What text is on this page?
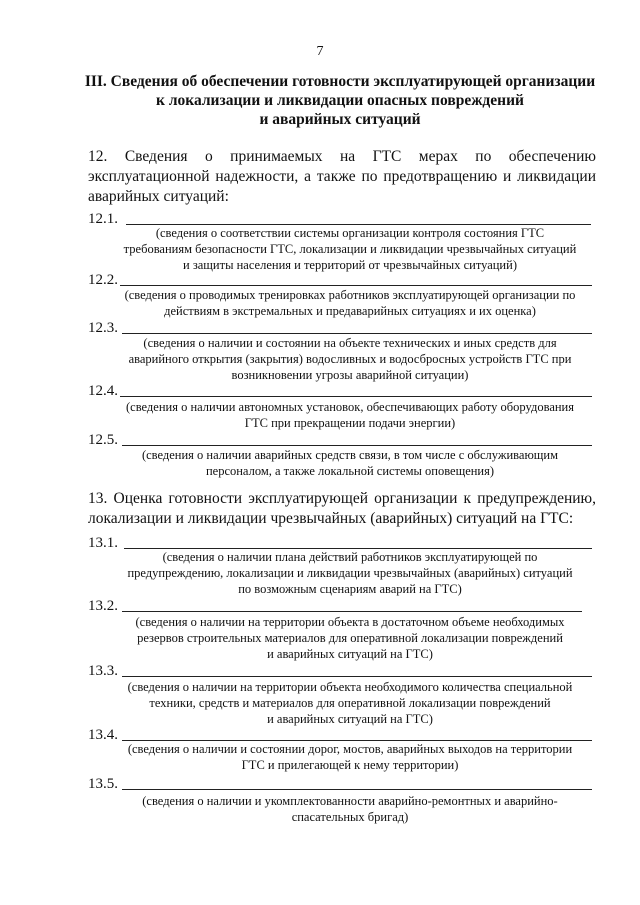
7
III. Сведения об обеспечении готовности эксплуатирующей организации
к локализации и ликвидации опасных повреждений
и аварийных ситуаций
12. Сведения о принимаемых на ГТС мерах по обеспечению
эксплуатационной надежности, а также по предотвращению и ликвидации
аварийных ситуаций:
12.1.
(сведения о соответствии системы организации контроля состояния ГТС
требованиям безопасности ГТС, локализации и ликвидации чрезвычайных ситуаций
и защиты населения и территорий от чрезвычайных ситуаций)
12.2.
(сведения о проводимых тренировках работников эксплуатирующей организации по
действиям в экстремальных и предаварийных ситуациях и их оценка)
12.3.
(сведения о наличии и состоянии на объекте технических и иных средств для
аварийного открытия (закрытия) водосливных и водосбросных устройств ГТС при
возникновении угрозы аварийной ситуации)
12.4.
(сведения о наличии автономных установок, обеспечивающих работу оборудования
ГТС при прекращении подачи энергии)
12.5.
(сведения о наличии аварийных средств связи, в том числе с обслуживающим
персоналом, а также локальной системы оповещения)
13. Оценка готовности эксплуатирующей организации к предупреждению,
локализации и ликвидации чрезвычайных (аварийных) ситуаций на ГТС:
13.1.
(сведения о наличии плана действий работников эксплуатирующей по
предупреждению, локализации и ликвидации чрезвычайных (аварийных) ситуаций
по возможным сценариям аварий на ГТС)
13.2.
(сведения о наличии на территории объекта в достаточном объеме необходимых
резервов строительных материалов для оперативной локализации повреждений
и аварийных ситуаций на ГТС)
13.3.
(сведения о наличии на территории объекта необходимого количества специальной
техники, средств и материалов для оперативной локализации повреждений
и аварийных ситуаций на ГТС)
13.4.
(сведения о наличии и состоянии дорог, мостов, аварийных выходов на территории
ГТС и прилегающей к нему территории)
13.5.
(сведения о наличии и укомплектованности аварийно-ремонтных и аварийно-
спасательных бригад)
